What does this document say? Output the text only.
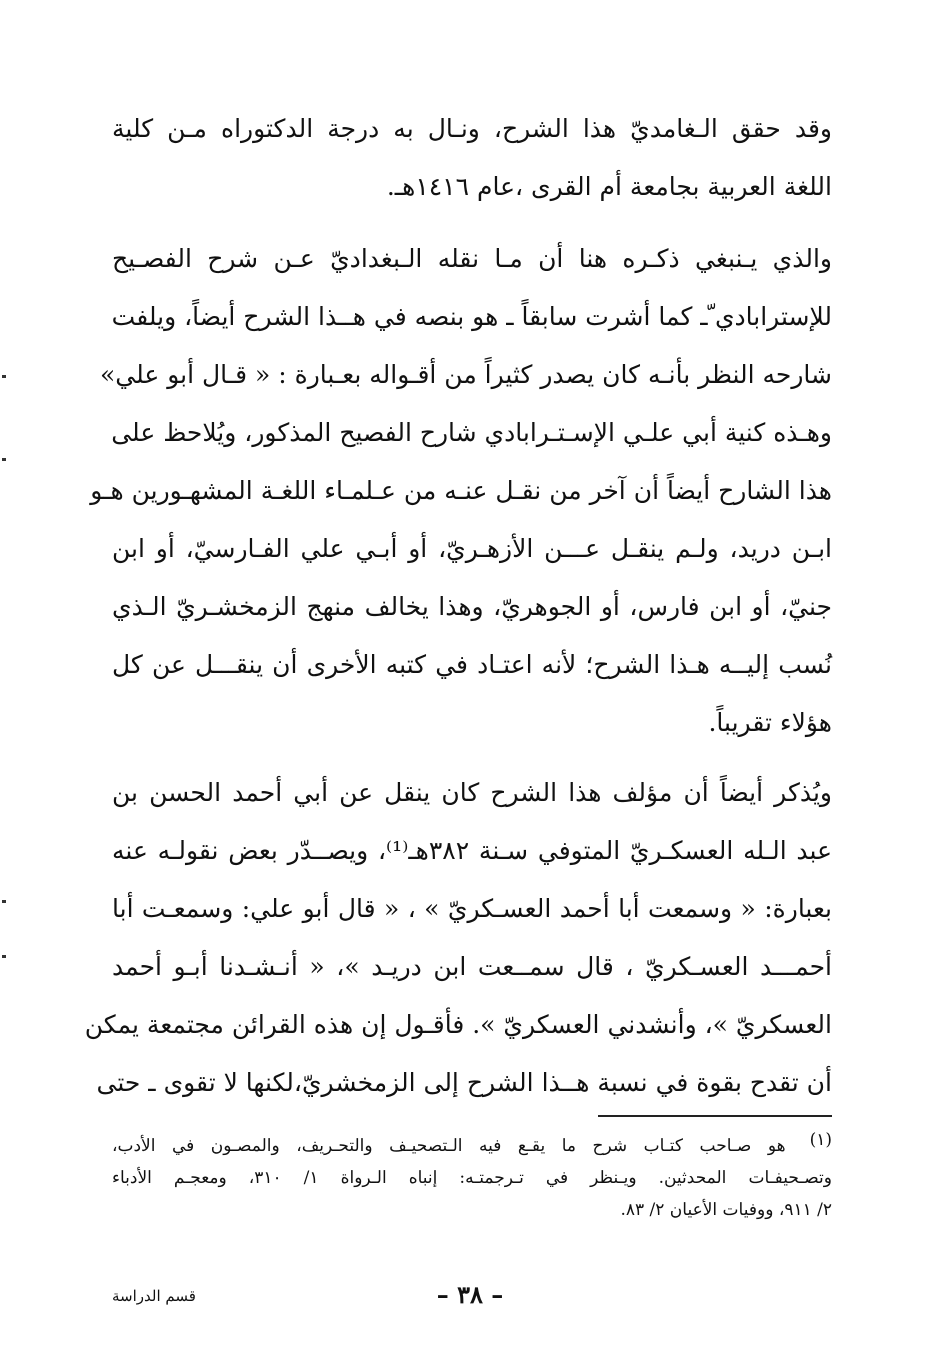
وقد حقق الـغامديّ هذا الشرح، ونـال به درجة الدكتوراه مـن كلية
اللغة العربية بجامعة أم القرى ،عام ١٤١٦هـ.
والذي يـنبغي ذكـره هنا أن مـا نقله الـبغداديّ عـن شرح الفصـيح
للإسترابادي ّـ كما أشرت سابقاً ـ هو بنصه في هــذا الشرح أيضاً، ويلفت
شارحه النظر بأنـه كان يصدر كثيراً من أقـواله بعـبارة : « قـال أبو علي»
وهـذه كنية أبي علـي الإسـتـرابادي شارح الفصيح المذكور، ويُلاحظ على
هذا الشارح أيضاً أن آخر من نقـل عنـه من عـلمـاء اللغـة المشهـورين هـو
ابـن دريد، ولـم ينقـل عـــن الأزهـريّ، أو أبـي علي الفـارسيّ، أو ابن
جنيّ، أو ابن فارس، أو الجوهريّ، وهذا يخالف منهج الزمخشـريّ الـذي
نُسب إليــه هـذا الشرح؛ لأنه اعتـاد في كتبه الأخرى أن ينقـــل عن كل
هؤلاء تقريباً.
ويُذكر أيضاً أن مؤلف هذا الشرح كان ينقل عن أبي أحمد الحسن بن
عبد الـله العسكـريّ المتوفي سـنة ٣٨٢هـ⁽¹⁾، ويصــدّر بعض نقولـه عنه
بعبارة: « وسمعت أبا أحمد العسـكريّ » ، « قال أبو علي: وسمعـت أبا
أحمـــد العسـكريّ ، قال سمــعت ابن دريـد »، « أنـشـدنا أبـو أحمد
العسكريّ »، وأنشدني العسكريّ ». فأقـول إن هذه القرائن مجتمعة يمكن
أن تقدح بقوة في نسبة هــذا الشرح إلى الزمخشريّ،لكنها لا تقوى ـ حتى
(١)
هو صـاحب كتـاب شرح ما يقـع فيه الـتصحيـف والتحـريف، والمصـون في الأدب،
وتصـحيفـات المحدثين. ويـنظر في تـرجمتـه: إنباه الـرواة ١/ ٣١٠، ومعجـم الأدباء
٢/ ٩١١، ووفيات الأعيان ٢/ ٨٣.
– ٣٨ –
قسم الدراسة
